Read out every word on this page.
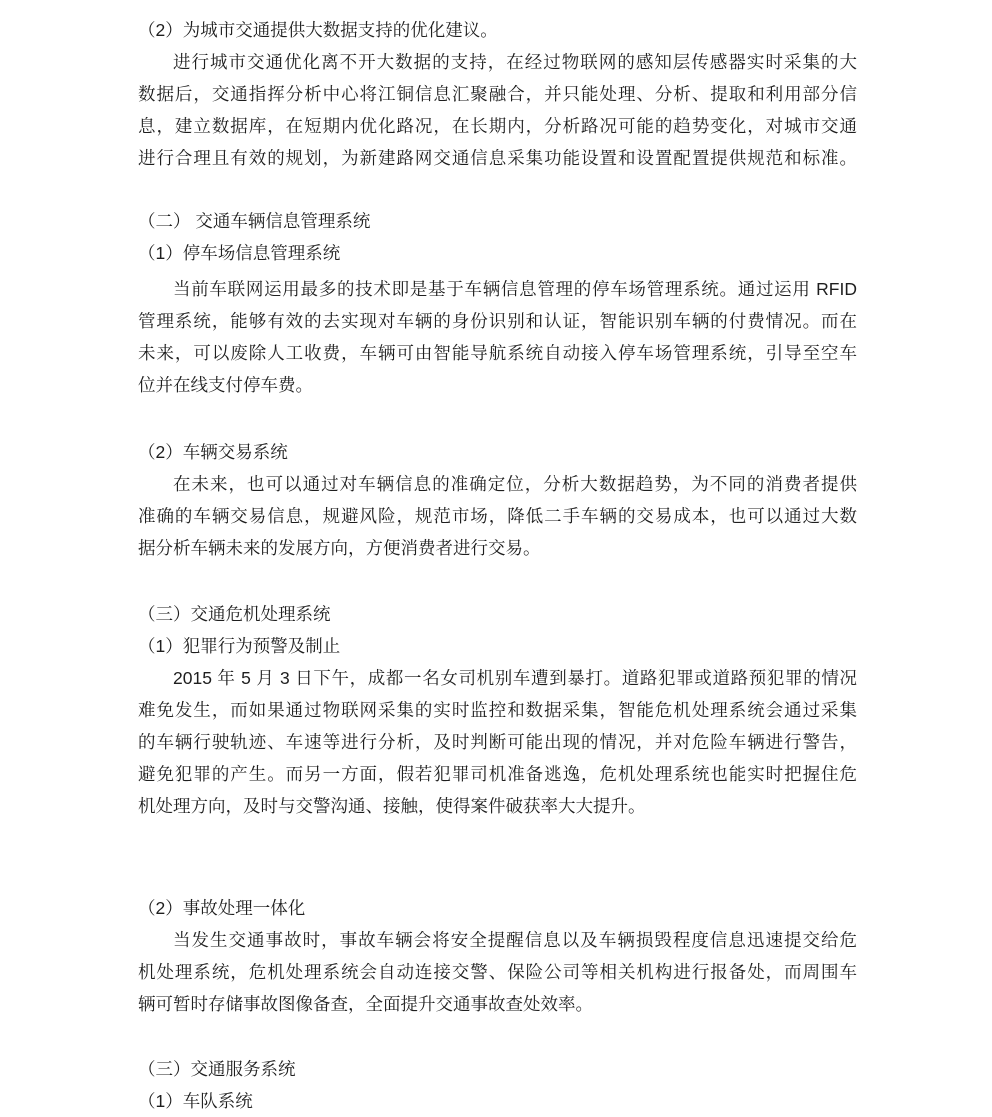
（2）为城市交通提供大数据支持的优化建议。
进行城市交通优化离不开大数据的支持，在经过物联网的感知层传感器实时采集的大
数据后，交通指挥分析中心将江铜信息汇聚融合，并只能处理、分析、提取和利用部分信
息，建立数据库，在短期内优化路况，在长期内，分析路况可能的趋势变化，对城市交通
进行合理且有效的规划，为新建路网交通信息采集功能设置和设置配置提供规范和标准。
（二） 交通车辆信息管理系统
（1）停车场信息管理系统
当前车联网运用最多的技术即是基于车辆信息管理的停车场管理系统。通过运用 RFID
管理系统，能够有效的去实现对车辆的身份识别和认证，智能识别车辆的付费情况。而在
未来，可以废除人工收费，车辆可由智能导航系统自动接入停车场管理系统，引导至空车
位并在线支付停车费。
（2）车辆交易系统
在未来，也可以通过对车辆信息的准确定位，分析大数据趋势，为不同的消费者提供
准确的车辆交易信息，规避风险，规范市场，降低二手车辆的交易成本，也可以通过大数
据分析车辆未来的发展方向，方便消费者进行交易。
（三）交通危机处理系统
（1）犯罪行为预警及制止
2015 年 5 月 3 日下午，成都一名女司机别车遭到暴打。道路犯罪或道路预犯罪的情况
难免发生，而如果通过物联网采集的实时监控和数据采集，智能危机处理系统会通过采集
的车辆行驶轨迹、车速等进行分析，及时判断可能出现的情况，并对危险车辆进行警告，
避免犯罪的产生。而另一方面，假若犯罪司机准备逃逸，危机处理系统也能实时把握住危
机处理方向，及时与交警沟通、接触，使得案件破获率大大提升。
（2）事故处理一体化
当发生交通事故时，事故车辆会将安全提醒信息以及车辆损毁程度信息迅速提交给危
机处理系统，危机处理系统会自动连接交警、保险公司等相关机构进行报备处，而周围车
辆可暂时存储事故图像备查，全面提升交通事故查处效率。
（三）交通服务系统
（1）车队系统
